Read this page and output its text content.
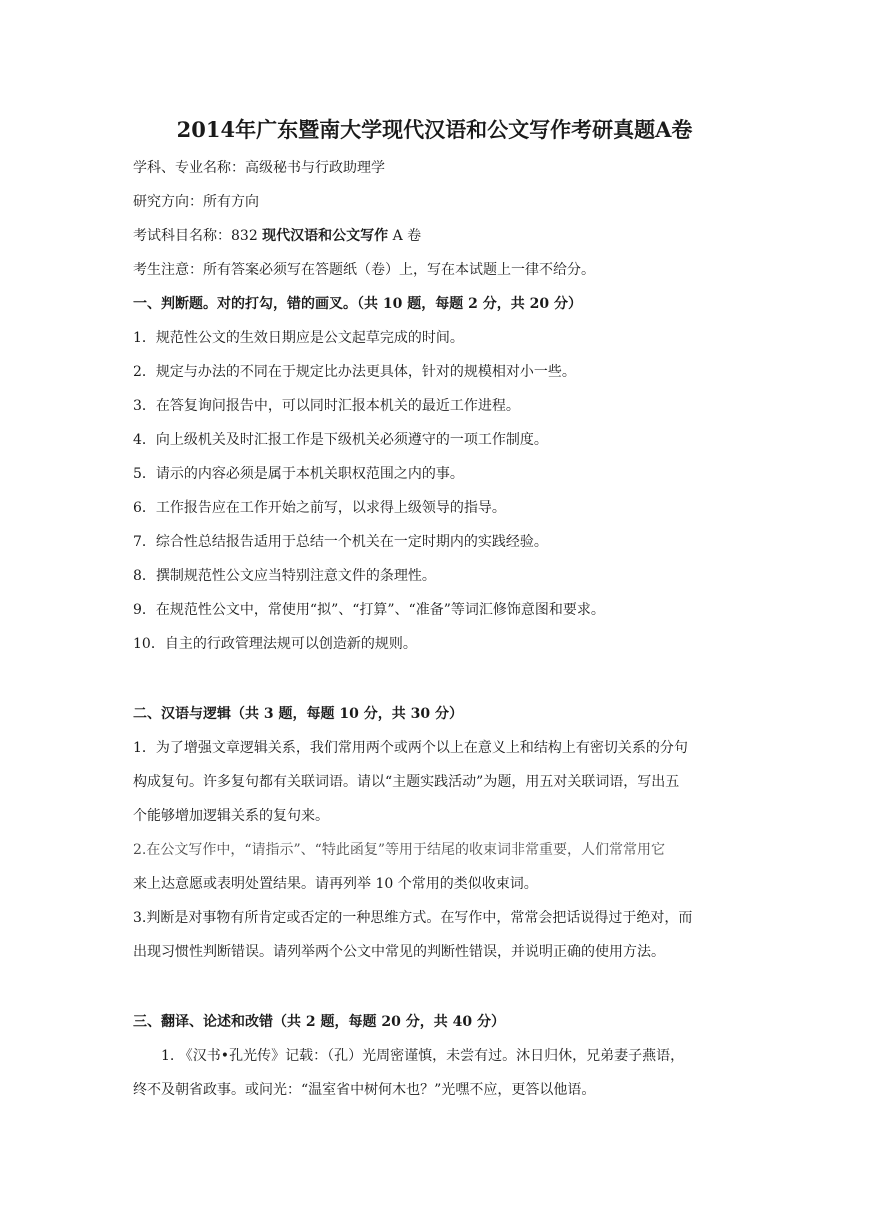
2014年广东暨南大学现代汉语和公文写作考研真题A卷
学科、专业名称：高级秘书与行政助理学
研究方向：所有方向
考试科目名称：832 现代汉语和公文写作 A 卷
考生注意：所有答案必须写在答题纸（卷）上，写在本试题上一律不给分。
一、判断题。对的打勾，错的画叉。（共 10 题，每题 2 分，共 20 分）
1．规范性公文的生效日期应是公文起草完成的时间。
2．规定与办法的不同在于规定比办法更具体，针对的规模相对小一些。
3．在答复询问报告中，可以同时汇报本机关的最近工作进程。
4．向上级机关及时汇报工作是下级机关必须遵守的一项工作制度。
5．请示的内容必须是属于本机关职权范围之内的事。
6．工作报告应在工作开始之前写，以求得上级领导的指导。
7．综合性总结报告适用于总结一个机关在一定时期内的实践经验。
8．撰制规范性公文应当特别注意文件的条理性。
9．在规范性公文中，常使用“拟”、“打算”、“准备”等词汇修饰意图和要求。
10．自主的行政管理法规可以创造新的规则。
二、汉语与逻辑（共 3 题，每题 10 分，共 30 分）
1．为了增强文章逻辑关系，我们常用两个或两个以上在意义上和结构上有密切关系的分句
构成复句。许多复句都有关联词语。请以“主题实践活动”为题，用五对关联词语，写出五
个能够增加逻辑关系的复句来。
2.在公文写作中，“请指示”、“特此函复”等用于结尾的收束词非常重要，人们常常用它
来上达意愿或表明处置结果。请再列举 10 个常用的类似收束词。
3.判断是对事物有所肯定或否定的一种思维方式。在写作中，常常会把话说得过于绝对，而
出现习惯性判断错误。请列举两个公文中常见的判断性错误，并说明正确的使用方法。
三、翻译、论述和改错（共 2 题，每题 20 分，共 40 分）
1. 《汉书•孔光传》记载：（孔）光周密谨慎，未尝有过。沐日归休，兄弟妻子燕语，
终不及朝省政事。或问光：“温室省中树何木也？”光嘿不应，更答以他语。
